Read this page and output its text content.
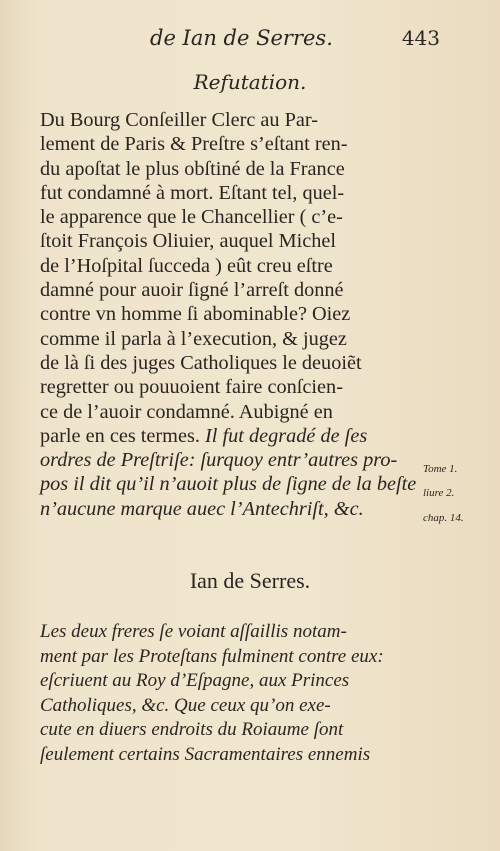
de Ian de Serres.	443
Refutation.
Du Bourg Conſeiller Clerc au Par-
lement de Paris & Preſtre s’eſtant ren-
du apoſtat le plus obſtiné de la France
fut condamné à mort. Eſtant tel, quel-
le apparence que le Chancellier ( c’e-
ſtoit François Oliuier, auquel Michel
de l’Hoſpital ſucceda ) eût creu eſtre
damné pour auoir ſigné l’arreſt donné
contre vn homme ſi abominable? Oiez
comme il parla à l’execution, & jugez
de là ſi des juges Catholiques le deuoiẽt
regretter ou pouuoient faire conſcien-
ce de l’auoir condamné. Aubigné en
parle en ces termes. Il fut degradé de ſes
ordres de Preſtriſe: ſurquoy entr’autres pro-
pos il dit qu’il n’auoit plus de ſigne de la beſte
n’aucune marque auec l’Antechriſt, &c.
Tome 1.
liure 2.
chap. 14.
Ian de Serres.
Les deux freres ſe voiant aſſaillis notam-
ment par les Proteſtans fulminent contre eux:
eſcriuent au Roy d’Eſpagne, aux Princes
Catholiques, &c. Que ceux qu’on exe-
cute en diuers endroits du Roiaume ſont
ſeulement certains Sacramentaires ennemis
